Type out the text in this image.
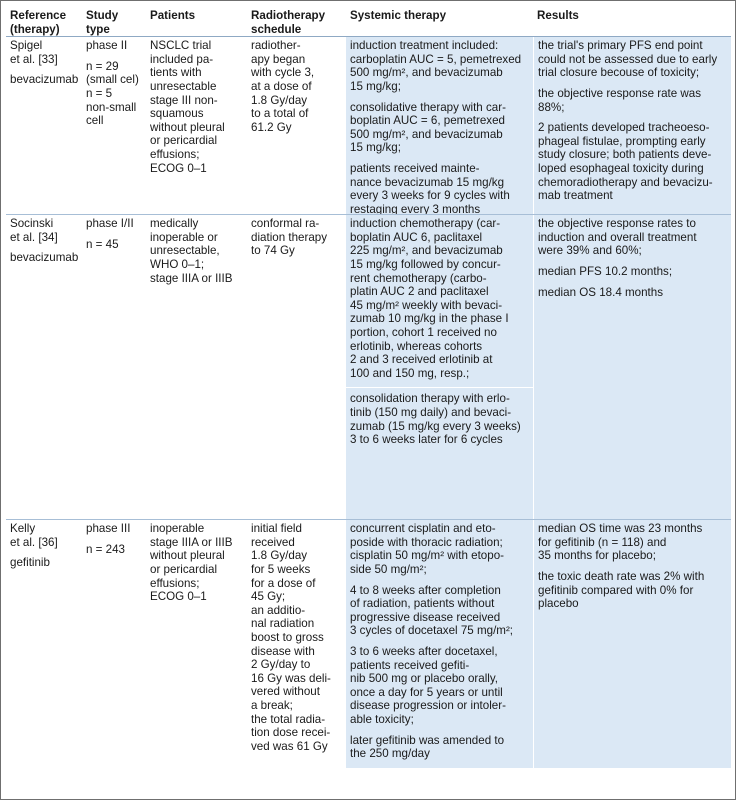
Reference
(therapy)
Study
type
Patients	Radiotherapy
schedule
Systemic therapy	Results
Spigel
et al. [33]
bevacizumab
phase II
n = 29
(small cel)
n = 5
non-small
cell
NSCLC trial
included pa-
tients with
unresectable
stage III non-
squamous
without pleural
or pericardial
effusions;
ECOG 0–1
radiother-
apy began
with cycle 3,
at a dose of
1.8 Gy/day
to a total of
61.2 Gy
induction treatment included:
carboplatin AUC = 5, pemetrexed
500 mg/m², and bevacizumab
15 mg/kg;
consolidative therapy with car-
boplatin AUC = 6, pemetrexed
500 mg/m², and bevacizumab
15 mg/kg;
patients received mainte-
nance bevacizumab 15 mg/kg
every 3 weeks for 9 cycles with
restaging every 3 months
the trial's primary PFS end point
could not be assessed due to early
trial closure becouse of toxicity;
the objective response rate was
88%;
2 patients developed tracheoeso-
phageal fistulae, prompting early
study closure; both patients deve-
loped esophageal toxicity during
chemoradiotherapy and bevacizu-
mab treatment
Socinski
et al. [34]
bevacizumab
phase I/II
n = 45
medically
inoperable or
unresectable,
WHO 0–1;
stage IIIA or IIIB
conformal ra-
diation therapy
to 74 Gy
induction chemotherapy (car-
boplatin AUC 6, paclitaxel
225 mg/m², and bevacizumab
15 mg/kg followed by concur-
rent chemotherapy (carbo-
platin AUC 2 and paclitaxel
45 mg/m² weekly with bevaci-
zumab 10 mg/kg in the phase I
portion, cohort 1 received no
erlotinib, whereas cohorts
2 and 3 received erlotinib at
100 and 150 mg, resp.;
consolidation therapy with erlo-
tinib (150 mg daily) and bevaci-
zumab (15 mg/kg every 3 weeks)
3 to 6 weeks later for 6 cycles
the objective response rates to
induction and overall treatment
were 39% and 60%;
median PFS 10.2 months;
median OS 18.4 months
Kelly
et al. [36]
gefitinib
phase III
n = 243
inoperable
stage IIIA or IIIB
without pleural
or pericardial
effusions;
ECOG 0–1
initial field
received
1.8 Gy/day
for 5 weeks
for a dose of
45 Gy;
an additio-
nal radiation
boost to gross
disease with
2 Gy/day to
16 Gy was deli-
vered without
a break;
the total radia-
tion dose recei-
ved was 61 Gy
concurrent cisplatin and eto-
poside with thoracic radiation;
cisplatin 50 mg/m² with etopo-
side 50 mg/m²;
4 to 8 weeks after completion
of radiation, patients without
progressive disease received
3 cycles of docetaxel 75 mg/m²;
3 to 6 weeks after docetaxel,
patients received gefiti-
nib 500 mg or placebo orally,
once a day for 5 years or until
disease progression or intoler-
able toxicity;
later gefitinib was amended to
the 250 mg/day
median OS time was 23 months
for gefitinib (n = 118) and
35 months for placebo;
the toxic death rate was 2% with
gefitinib compared with 0% for
placebo
